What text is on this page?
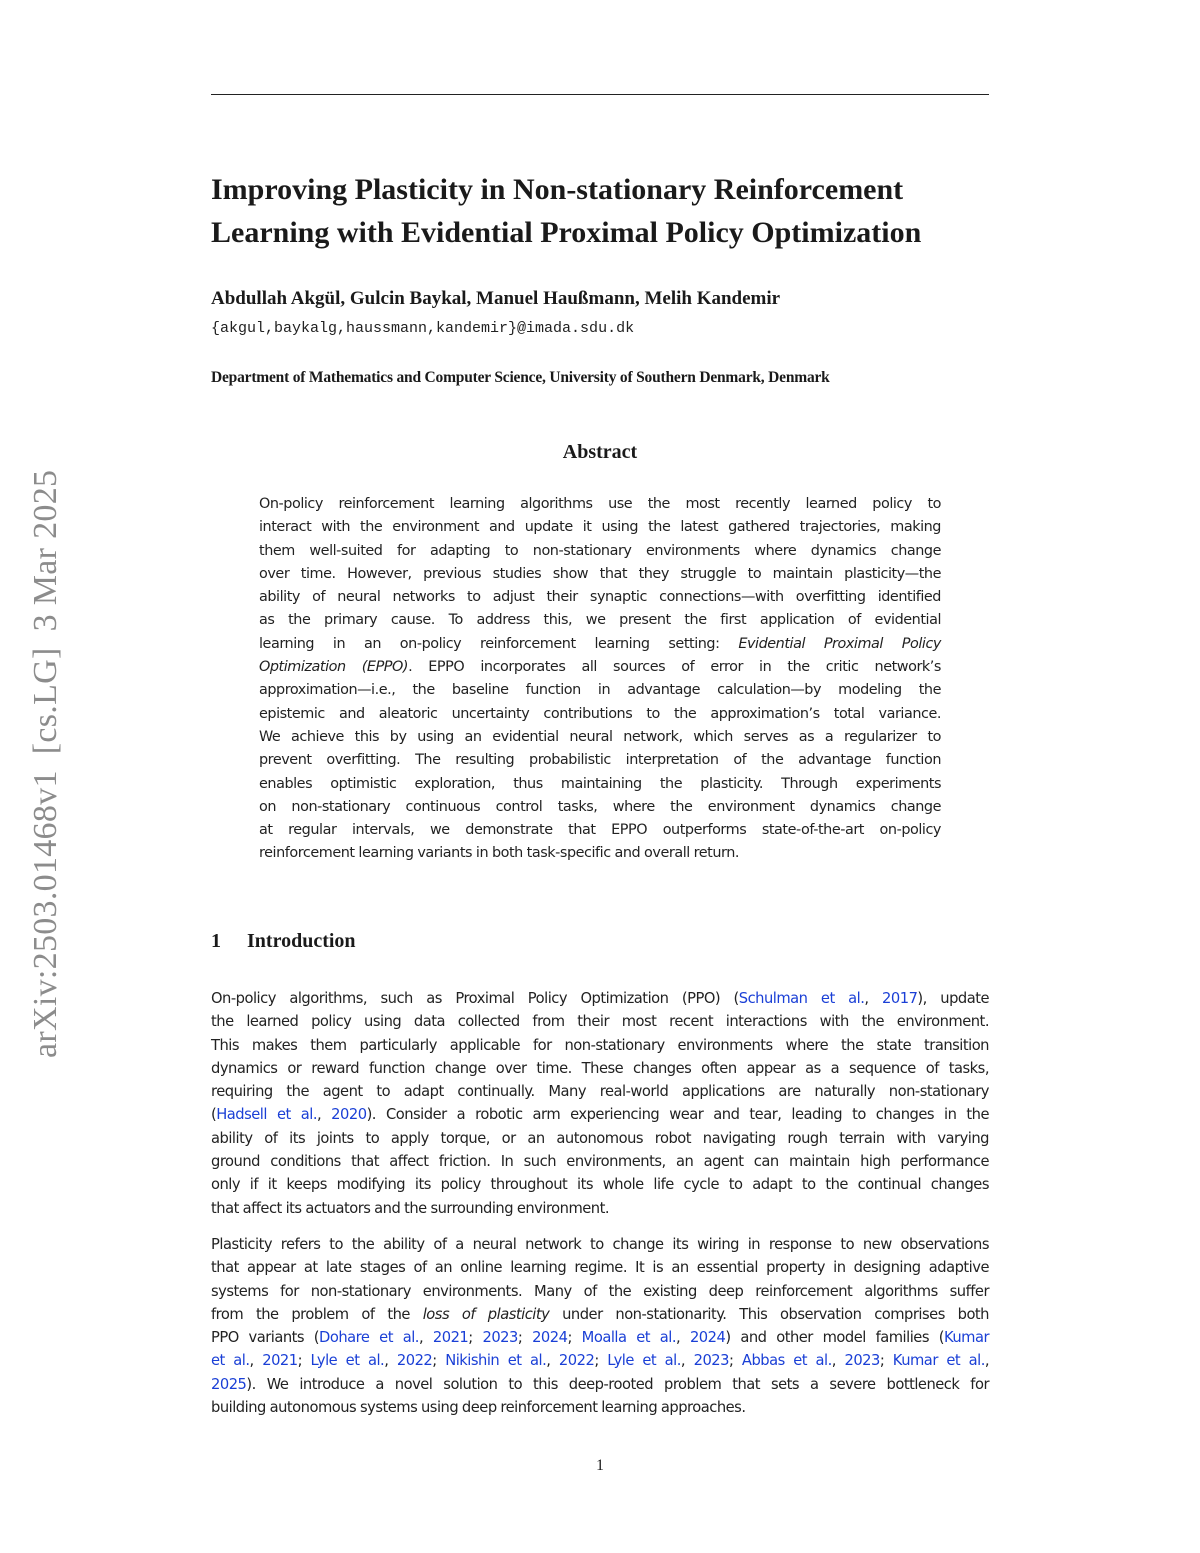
arXiv:2503.01468v1[cs.LG]3 Mar 2025
Improving Plasticity in Non-stationary Reinforcement
Learning with Evidential Proximal Policy Optimization
Abdullah Akgül, Gulcin Baykal, Manuel Haußmann, Melih Kandemir
{akgul,baykalg,haussmann,kandemir}@imada.sdu.dk
Department of Mathematics and Computer Science, University of Southern Denmark, Denmark
Abstract
On-policy reinforcement learning algorithms use the most recently learned policy to
interact with the environment and update it using the latest gathered trajectories, making
them well-suited for adapting to non-stationary environments where dynamics change
over time. However, previous studies show that they struggle to maintain plasticity—the
ability of neural networks to adjust their synaptic connections—with overfitting identified
as the primary cause. To address this, we present the first application of evidential
learning in an on-policy reinforcement learning setting: Evidential Proximal Policy
Optimization (EPPO). EPPO incorporates all sources of error in the critic network’s
approximation—i.e., the baseline function in advantage calculation—by modeling the
epistemic and aleatoric uncertainty contributions to the approximation’s total variance.
We achieve this by using an evidential neural network, which serves as a regularizer to
prevent overfitting. The resulting probabilistic interpretation of the advantage function
enables optimistic exploration, thus maintaining the plasticity. Through experiments
on non-stationary continuous control tasks, where the environment dynamics change
at regular intervals, we demonstrate that EPPO outperforms state-of-the-art on-policy
reinforcement learning variants in both task-specific and overall return.
1 Introduction
On-policy algorithms, such as Proximal Policy Optimization (PPO) (Schulman et al., 2017), update
the learned policy using data collected from their most recent interactions with the environment.
This makes them particularly applicable for non-stationary environments where the state transition
dynamics or reward function change over time. These changes often appear as a sequence of tasks,
requiring the agent to adapt continually. Many real-world applications are naturally non-stationary
(Hadsell et al., 2020). Consider a robotic arm experiencing wear and tear, leading to changes in the
ability of its joints to apply torque, or an autonomous robot navigating rough terrain with varying
ground conditions that affect friction. In such environments, an agent can maintain high performance
only if it keeps modifying its policy throughout its whole life cycle to adapt to the continual changes
that affect its actuators and the surrounding environment.
Plasticity refers to the ability of a neural network to change its wiring in response to new observations
that appear at late stages of an online learning regime. It is an essential property in designing adaptive
systems for non-stationary environments. Many of the existing deep reinforcement algorithms suffer
from the problem of the loss of plasticity under non-stationarity. This observation comprises both
PPO variants (Dohare et al., 2021; 2023; 2024; Moalla et al., 2024) and other model families (Kumar
et al., 2021; Lyle et al., 2022; Nikishin et al., 2022; Lyle et al., 2023; Abbas et al., 2023; Kumar et al.,
2025). We introduce a novel solution to this deep-rooted problem that sets a severe bottleneck for
building autonomous systems using deep reinforcement learning approaches.
1
